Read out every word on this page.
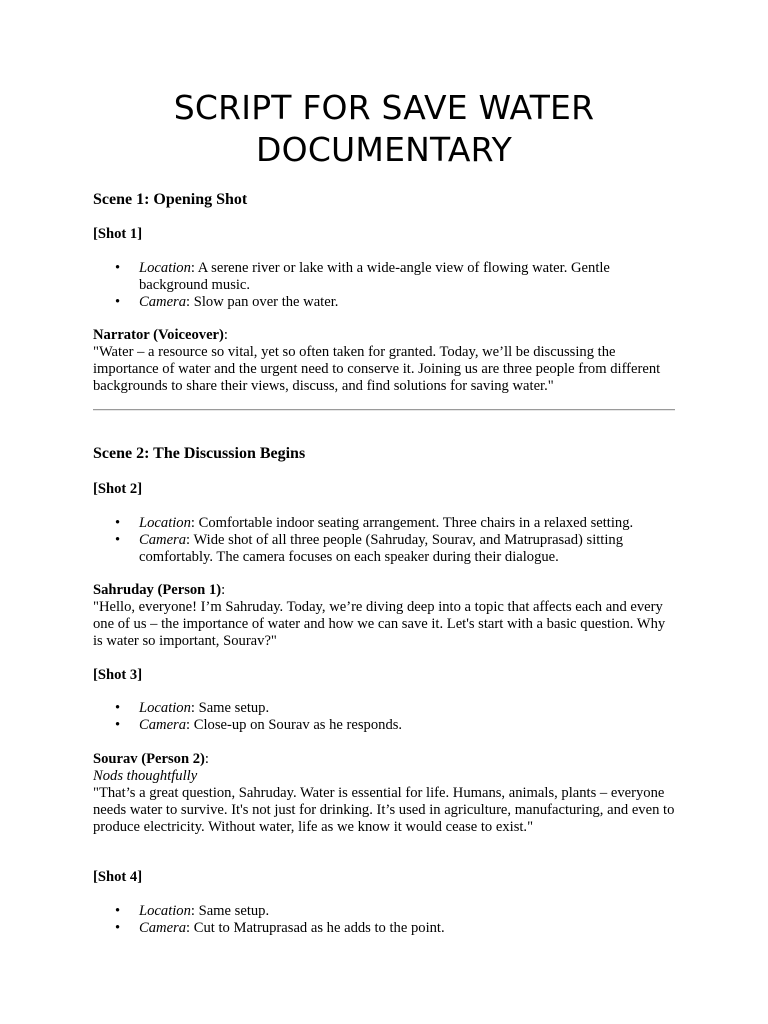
SCRIPT FOR SAVE WATER DOCUMENTARY
Scene 1: Opening Shot
[Shot 1]
• Location: A serene river or lake with a wide-angle view of flowing water. Gentle background music.
• Camera: Slow pan over the water.

Narrator (Voiceover):
"Water – a resource so vital, yet so often taken for granted. Today, we’ll be discussing the importance of water and the urgent need to conserve it. Joining us are three people from different backgrounds to share their views, discuss, and find solutions for saving water."

Scene 2: The Discussion Begins
[Shot 2]
• Location: Comfortable indoor seating arrangement. Three chairs in a relaxed setting.
• Camera: Wide shot of all three people (Sahruday, Sourav, and Matruprasad) sitting comfortably. The camera focuses on each speaker during their dialogue.

Sahruday (Person 1):
"Hello, everyone! I’m Sahruday. Today, we’re diving deep into a topic that affects each and every one of us – the importance of water and how we can save it. Let's start with a basic question. Why is water so important, Sourav?"

[Shot 3]
• Location: Same setup.
• Camera: Close-up on Sourav as he responds.

Sourav (Person 2):
Nods thoughtfully
"That’s a great question, Sahruday. Water is essential for life. Humans, animals, plants – everyone needs water to survive. It's not just for drinking. It’s used in agriculture, manufacturing, and even to produce electricity. Without water, life as we know it would cease to exist."

[Shot 4]
• Location: Same setup.
• Camera: Cut to Matruprasad as he adds to the point.
